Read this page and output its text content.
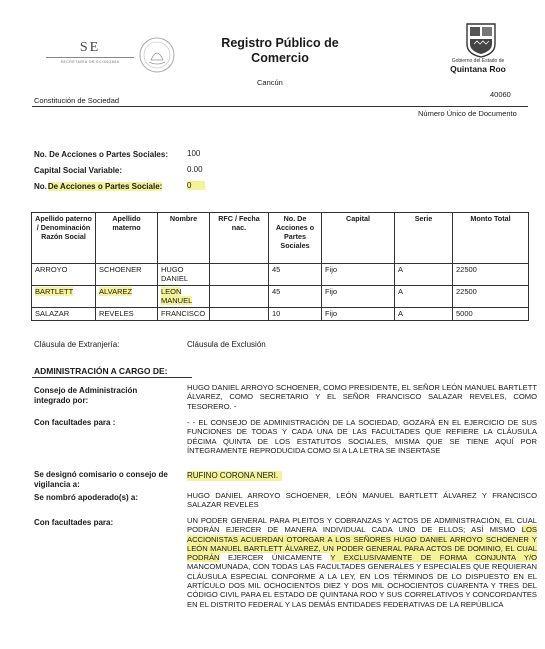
SE
SECRETARÍA DE ECONOMÍA
Registro Público de
Comercio
Cancún
Gobierno del Estado de
Quintana Roo
40060
Constitución de Sociedad
Número Único de Documento
No. De Acciones o Partes Sociales: 100
Capital Social Variable:	0.00
No.De Acciones o Partes Sociale:	0
Apellido paterno / Denominación Razón Social	Apellido materno	Nombre	RFC / Fecha nac.	No. De Acciones o Partes Sociales	Capital	Serie	Monto Total
ARROYO	SCHOENER	HUGO DANIEL		45	Fijo	A	22500
BARTLETT	ALVAREZ	LEON MANUEL		45	Fijo	A	22500
SALAZAR	REVELES	FRANCISCO		10	Fijo	A	5000
Cláusula de Extranjería:	Cláusula de Exclusión
ADMINISTRACIÓN A CARGO DE:
Consejo de Administración
integrado por:
HUGO DANIEL ARROYO SCHOENER, COMO PRESIDENTE, EL SEÑOR LEÓN MANUEL BARTLETT ÁLVAREZ, COMO SECRETARIO Y EL SEÑOR FRANCISCO SALAZAR REVELES, COMO TESORERO. -
Con facultades para :	- - EL CONSEJO DE ADMINISTRACIÓN DE LA SOCIEDAD, GOZARÁ EN EL EJERCICIO DE SUS FUNCIONES DE TODAS Y CADA UNA DE LAS FACULTADES QUE REFIERE LA CLÁUSULA DÉCIMA QUINTA DE LOS ESTATUTOS SOCIALES, MISMA QUE SE TIENE AQUÍ POR ÍNTEGRAMENTE REPRODUCIDA COMO SI A LA LETRA SE INSERTASE
Se designó comisario o consejo de
vigilancia a:
RUFINO CORONA NERI.
Se nombró apoderado(s) a:	HUGO DANIEL ARROYO SCHOENER, LEÓN MANUEL BARTLETT ÁLVAREZ Y FRANCISCO SALAZAR REVELES
Con facultades para:	UN PODER GENERAL PARA PLEITOS Y COBRANZAS Y ACTOS DE ADMINISTRACIÓN, EL CUAL PODRÁN EJERCER DE MANERA INDIVIDUAL CADA UNO DE ELLOS; ASÍ MISMO LOS ACCIONISTAS ACUERDAN OTORGAR A LOS SEÑORES HUGO DANIEL ARROYO SCHOENER Y LEÓN MANUEL BARTLETT ÁLVAREZ, UN PODER GENERAL PARA ACTOS DE DOMINIO, EL CUAL PODRÁN EJERCER ÚNICAMENTE Y EXCLUSIVAMENTE DE FORMA CONJUNTA Y/O MANCOMUNADA, CON TODAS LAS FACULTADES GENERALES Y ESPECIALES QUE REQUIERAN CLÁUSULA ESPECIAL CONFORME A LA LEY, EN LOS TÉRMINOS DE LO DISPUESTO EN EL ARTÍCULO DOS MIL OCHOCIENTOS DIEZ Y DOS MIL OCHOCIENTOS CUARENTA Y TRES DEL CÓDIGO CIVIL PARA EL ESTADO DE QUINTANA ROO Y SUS CORRELATIVOS Y CONCORDANTES EN EL DISTRITO FEDERAL Y LAS DEMÁS ENTIDADES FEDERATIVAS DE LA REPÚBLICA
